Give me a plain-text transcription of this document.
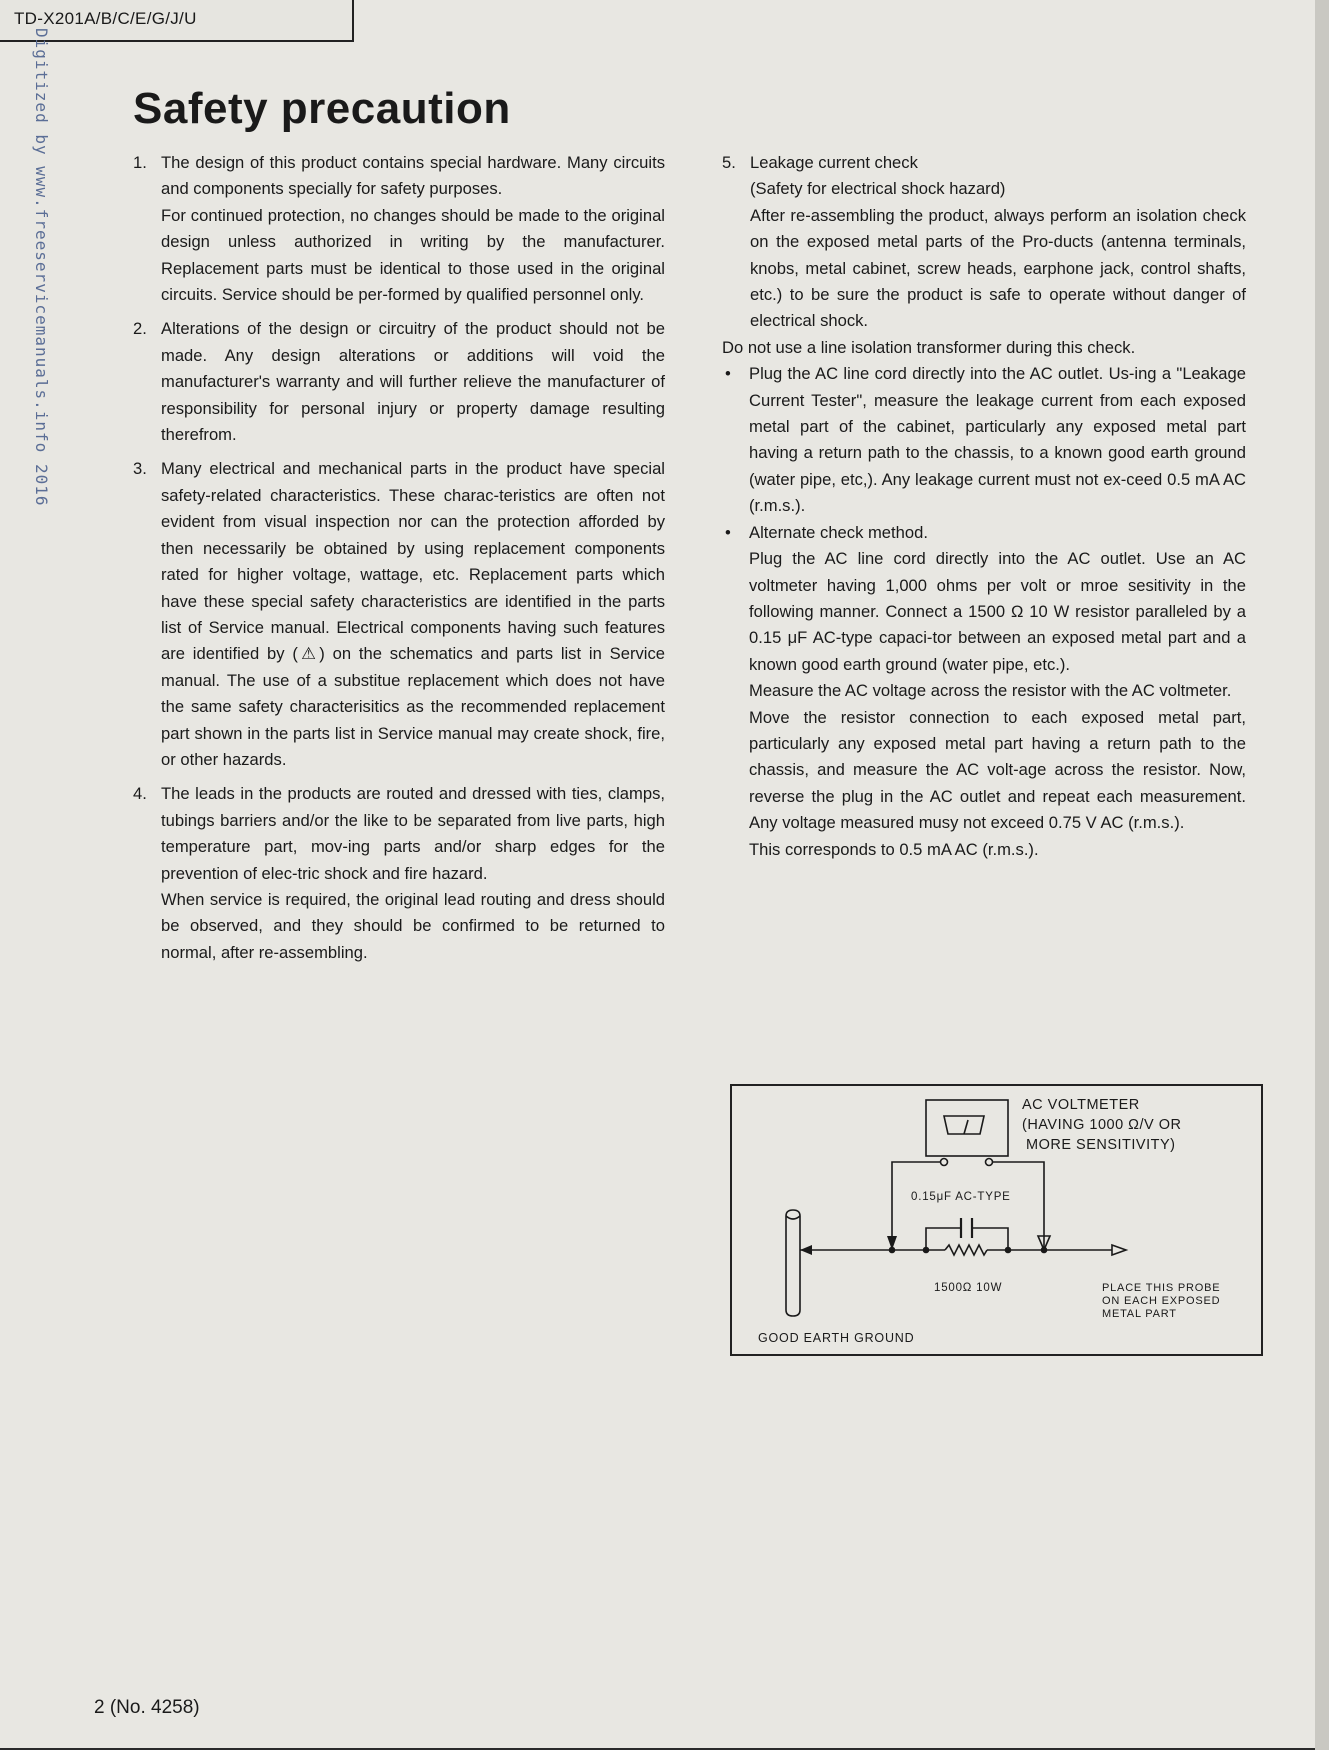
TD-X201A/B/C/E/G/J/U
Digitized by www.freeservicemanuals.info 2016 Safety precaution
1. The design of this product contains special hardware. Many circuits and components specially for safety purposes.

For continued protection, no changes should be made to the original design unless authorized in writing by the manufacturer. Replacement parts must be identical to those used in the original circuits. Service should be per-formed by qualified personnel only.

2. Alterations of the design or circuitry of the product should not be made. Any design alterations or additions will void the manufacturer's warranty and will further relieve the manufacturer of responsibility for personal injury or property damage resulting therefrom.

3. Many electrical and mechanical parts in the product have special safety-related characteristics. These charac-teristics are often not evident from visual inspection nor can the protection afforded by then necessarily be obtained by using replacement components rated for higher voltage, wattage, etc. Replacement parts which have these special safety characteristics are identified in the parts list of Service manual. Electrical components having such features are identified by (⚠) on the schematics and parts list in Service manual. The use of a substitue replacement which does not have the same safety characterisitics as the recommended replacement part shown in the parts list in Service manual may create shock, fire, or other hazards.

4. The leads in the products are routed and dressed with ties, clamps, tubings barriers and/or the like to be separated from live parts, high temperature part, mov-ing parts and/or sharp edges for the prevention of elec-tric shock and fire hazard.

When service is required, the original lead routing and dress should be observed, and they should be confirmed to be returned to normal, after re-assembling.

5. Leakage current check

(Safety for electrical shock hazard)

After re-assembling the product, always perform an isolation check on the exposed metal parts of the Pro-ducts (antenna terminals, knobs, metal cabinet, screw heads, earphone jack, control shafts, etc.) to be sure the product is safe to operate without danger of electrical shock.

Do not use a line isolation transformer during this check.

• Plug the AC line cord directly into the AC outlet. Us-ing a "Leakage Current Tester", measure the leakage current from each exposed metal part of the cabinet, particularly any exposed metal part having a return path to the chassis, to a known good earth ground (water pipe, etc,). Any leakage current must not ex-ceed 0.5 mA AC (r.m.s.).

• Alternate check method.

Plug the AC line cord directly into the AC outlet. Use an AC voltmeter having 1,000 ohms per volt or mroe sesitivity in the following manner. Connect a 1500 Ω 10 W resistor paralleled by a 0.15 μF AC-type capaci-tor between an exposed metal part and a known good earth ground (water pipe, etc.).

Measure the AC voltage across the resistor with the AC voltmeter.

Move the resistor connection to each exposed metal part, particularly any exposed metal part having a return path to the chassis, and measure the AC volt-age across the resistor. Now, reverse the plug in the AC outlet and repeat each measurement. Any voltage measured musy not exceed 0.75 V AC (r.m.s.).

This corresponds to 0.5 mA AC (r.m.s.).

AC VOLTMETER
(HAVING 1000 Ω/V OR
MORE SENSITIVITY)
0.15μF AC-TYPE
1500Ω 10W	PLACE THIS PROBE
ON EACH EXPOSED
METAL PART
GOOD EARTH GROUND
2 (No. 4258)
